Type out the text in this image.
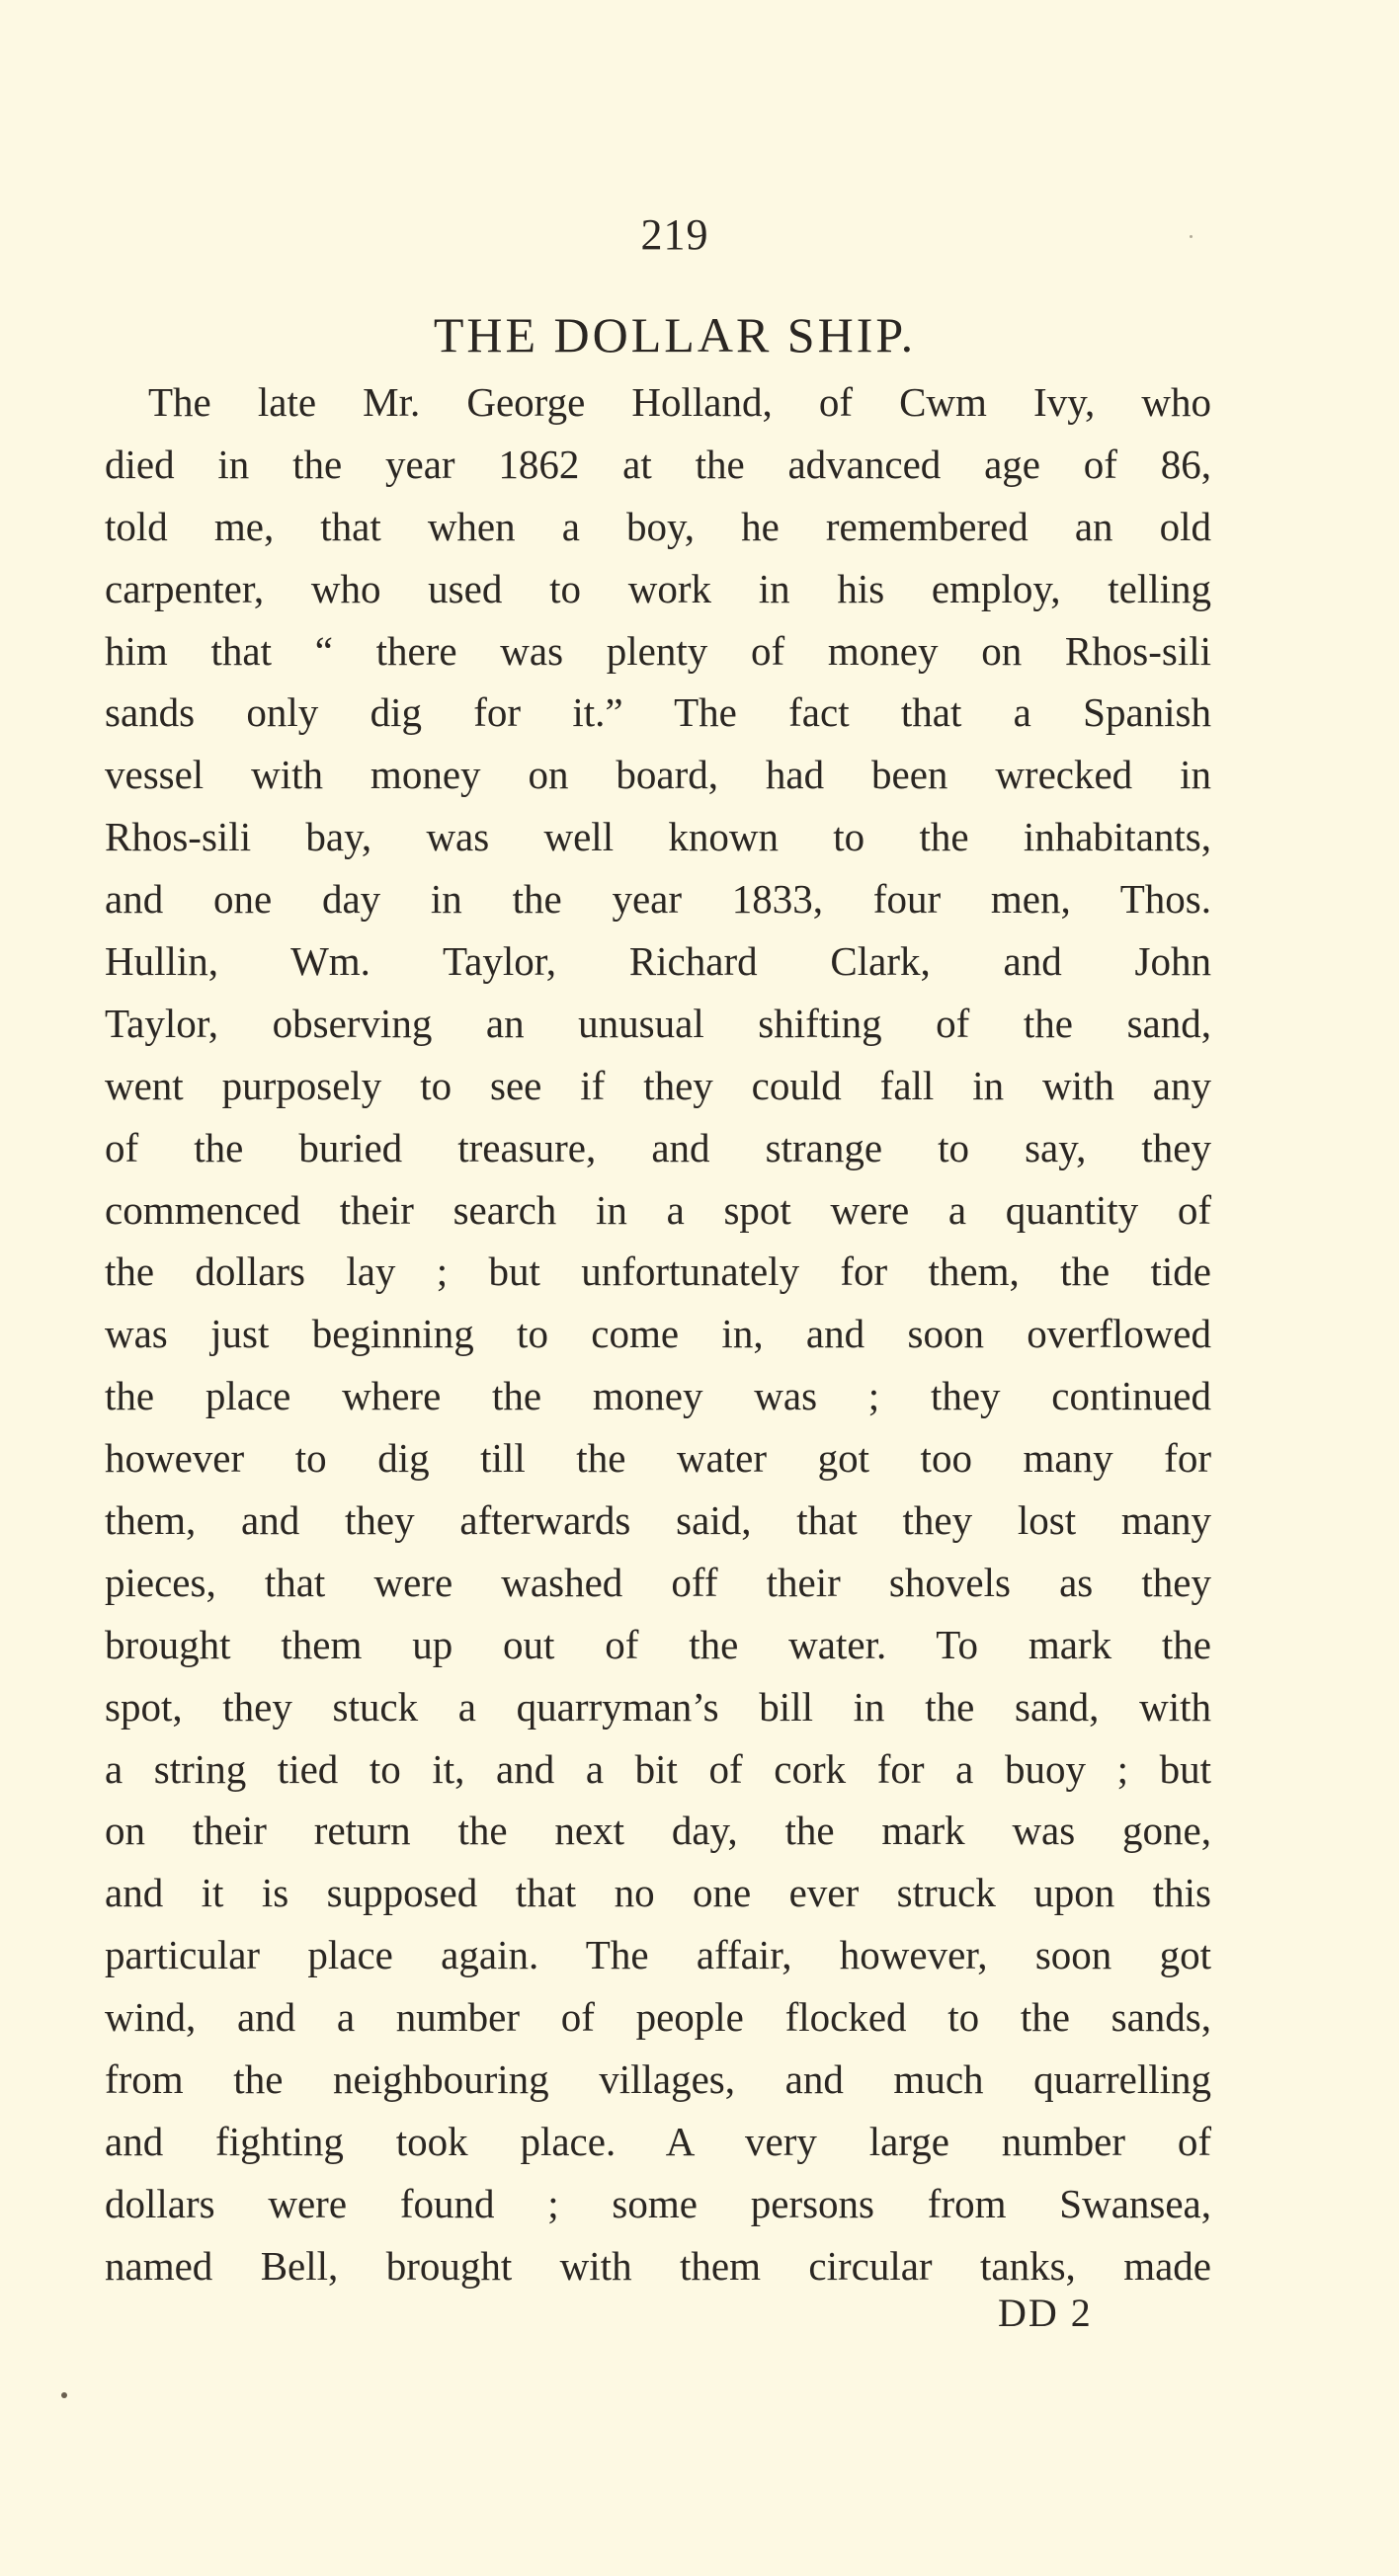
219
THE DOLLAR SHIP.
The late Mr. George Holland, of Cwm Ivy, who
died in the year 1862 at the advanced age of 86,
told me, that when a boy, he remembered an old
carpenter, who used to work in his employ, telling
him that “ there was plenty of money on Rhos-sili
sands only dig for it.” The fact that a Spanish
vessel with money on board, had been wrecked in
Rhos-sili bay, was well known to the inhabitants,
and one day in the year 1833, four men, Thos.
Hullin, Wm. Taylor, Richard Clark, and John
Taylor, observing an unusual shifting of the sand,
went purposely to see if they could fall in with any
of the buried treasure, and strange to say, they
commenced their search in a spot were a quantity of
the dollars lay ; but unfortunately for them, the tide
was just beginning to come in, and soon overflowed
the place where the money was ; they continued
however to dig till the water got too many for
them, and they afterwards said, that they lost many
pieces, that were washed off their shovels as they
brought them up out of the water. To mark the
spot, they stuck a quarryman’s bill in the sand, with
a string tied to it, and a bit of cork for a buoy ; but
on their return the next day, the mark was gone,
and it is supposed that no one ever struck upon this
particular place again. The affair, however, soon got
wind, and a number of people flocked to the sands,
from the neighbouring villages, and much quarrelling
and fighting took place. A very large number of
dollars were found ; some persons from Swansea,
named Bell, brought with them circular tanks, made
DD 2
